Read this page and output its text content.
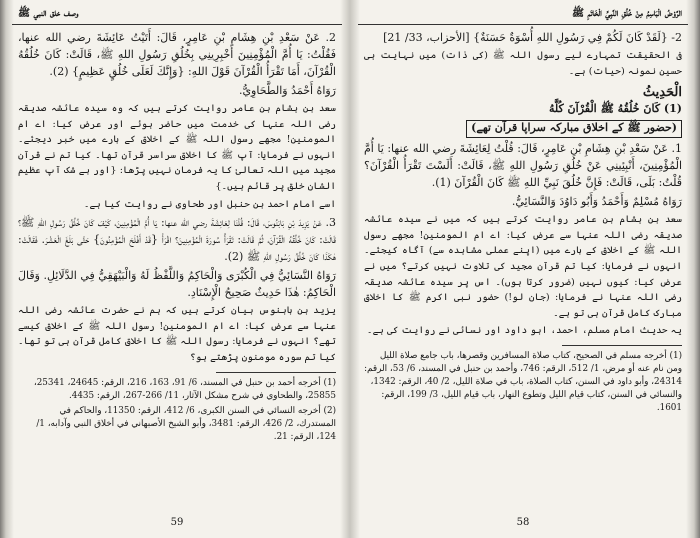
وصف خلق النبي ﷺ

2. عَنْ سَعْدِ بْنِ هِشَامِ بْنِ عَامِرٍ، قَالَ: أَتَيْتُ عَائِشَةَ رضي الله عنها، فَقُلْتُ: يَا أُمَّ الْمُؤْمِنِينَ أَخْبِرِينِي بِخُلُقِ رَسُولِ اللهِ ﷺ، قَالَتْ: كَانَ خُلُقُهُ الْقُرْآنَ، أَمَا تَقْرَأُ الْقُرْآنَ قَوْلَ اللهِ: {وَإِنَّكَ لَعَلَى خُلُقٍ عَظِيمٍ} (2).

رَوَاهُ أَحْمَدُ وَالطَّحَاوِيُّ.

سعد بن ہشام بن عامر روایت کرتے ہیں کہ وہ سیدہ عائشہ صدیقہ رضی اللہ عنہا کی خدمت میں حاضر ہوئے اور عرض کیا: اے ام المومنین! مجھے رسول اللہ ﷺ کے اخلاق کے بارے میں خبر دیجئے۔ انہوں نے فرمایا: آپ ﷺ کا اخلاق سراسر قرآن تھا۔ کیا تم نے قرآن مجید میں اللہ تعالیٰ کا یہ فرمان نہیں پڑھا: {اور بے شک آپ عظیم الشان خلق پر قائم ہیں۔}

اسے امام احمد بن حنبل اور طحاوی نے روایت کیا ہے۔

3. عَنْ يَزِيدَ بْنِ بَابَنُوسَ، قَالَ: قُلْنَا لِعَائِشَةَ رضي الله عنها: يَا أُمَّ الْمُؤْمِنِينَ، كَيْفَ كَانَ خُلُقُ رَسُولِ اللهِ ﷺ؟ قَالَتْ: كَانَ خُلُقُهُ الْقُرْآنَ، ثُمَّ قَالَتْ: تَقْرَأُ سُورَةَ الْمُؤْمِنِينَ؟ اقْرَأْ {قَدْ أَفْلَحَ الْمُؤْمِنُونَ} حَتَّى بَلَغَ الْعَشْرَ. فَقَالَتْ: هٰكَذَا كَانَ خُلُقُ رَسُولِ اللهِ ﷺ (2).

رَوَاهُ النَّسَائِيُّ فِي الْكُبْرَى وَالْحَاكِمُ وَاللَّفْظُ لَهُ وَالْبَيْهَقِيُّ فِي الدَّلَائِلِ. وَقَالَ الْحَاكِمُ: هٰذَا حَدِيثٌ صَحِيحُ الْإِسْنَادِ.

یزید بن بابنوس بیان کرتے ہیں کہ ہم نے حضرت عائشہ رضی اللہ عنہا سے عرض کیا: اے ام المومنین! رسول اللہ ﷺ کے اخلاق کیسے تھے؟ انہوں نے فرمایا: رسول اللہ ﷺ کا اخلاق کامل قرآن ہی تو تھا۔ کیا تم سورہ مومنون پڑھتے ہو؟

(1) أخرجه أحمد بن حنبل في المسند، 6/ 91، 163، 216، الرقم: 24645، 25341، 25855، والطحاوي في شرح مشكل الآثار، 11/ 266-267، الرقم: 4435.

(2) أخرجه النسائي في السنن الكبرى، 6/ 412، الرقم: 11350، والحاكم في المستدرك، 2/ 426، الرقم: 3481، وأبو الشيخ الأصبهاني في أخلاق النبي وآدابه، 1/ 124، الرقم: 21.

59
الرَّوْضُ الْبَاسِمُ مِنْ خُلُقِ النَّبِيِّ الْخَاتَمِ ﷺ

2- {لَقَدْ كَانَ لَكُمْ فِي رَسُولِ اللهِ أُسْوَةٌ حَسَنَةٌ} [الأحزاب، 33/ 21]

فی الحقیقت تمہارے لیے رسول اللہ ﷺ (کی ذات) میں نہایت ہی حسین نمونہ (حیات) ہے۔

الْحَدِيثُ
(1) كَانَ خُلُقُهُ ﷺ الْقُرْآنَ كُلَّهُ
(حضور ﷺ کے اخلاق مبارکہ سراپا قرآن تھے)

1. عَنْ سَعْدِ بْنِ هِشَامِ بْنِ عَامِرٍ، قَالَ: قُلْتُ لِعَائِشَةَ رضي الله عنها: يَا أُمَّ الْمُؤْمِنِينَ، أَنْبِئِينِي عَنْ خُلُقِ رَسُولِ اللهِ ﷺ، قَالَتْ: أَلَسْتَ تَقْرَأُ الْقُرْآنَ؟ قُلْتُ: بَلَى، قَالَتْ: فَإِنَّ خُلُقَ نَبِيِّ اللهِ ﷺ كَانَ الْقُرْآنَ (1).

رَوَاهُ مُسْلِمٌ وَأَحْمَدُ وَأَبُو دَاوُدَ وَالنَّسَائِيُّ.

سعد بن ہشام بن عامر روایت کرتے ہیں کہ میں نے سیدہ عائشہ صدیقہ رضی اللہ عنہا سے عرض کیا: اے ام المومنین! مجھے رسول اللہ ﷺ کے اخلاق کے بارے میں (اپنے عملی مشاہدہ سے) آگاہ کیجئے۔ انہوں نے فرمایا: کیا تم قرآن مجید کی تلاوت نہیں کرتے؟ میں نے عرض کیا: کیوں نہیں (ضرور کرتا ہوں)۔ اس پر سیدہ عائشہ صدیقہ رضی اللہ عنہا نے فرمایا: (جان لو!) حضور نبی اکرم ﷺ کا اخلاق مبارک کامل قرآن ہی تو ہے۔

یہ حدیث امام مسلم، احمد، ابو داود اور نسائی نے روایت کی ہے۔

(1) أخرجه مسلم في الصحيح، كتاب صلاة المسافرين وقصرها، باب جامع صلاة الليل ومن نام عنه أو مرض، 1/ 512، الرقم: 746، وأحمد بن حنبل في المسند، 6/ 53، الرقم: 24314، وأبو داود في السنن، كتاب الصلاة، باب في صلاة الليل، 2/ 40، الرقم: 1342، والنسائي في السنن، كتاب قيام الليل وتطوع النهار، باب قيام الليل، 3/ 199، الرقم: 1601.

58
